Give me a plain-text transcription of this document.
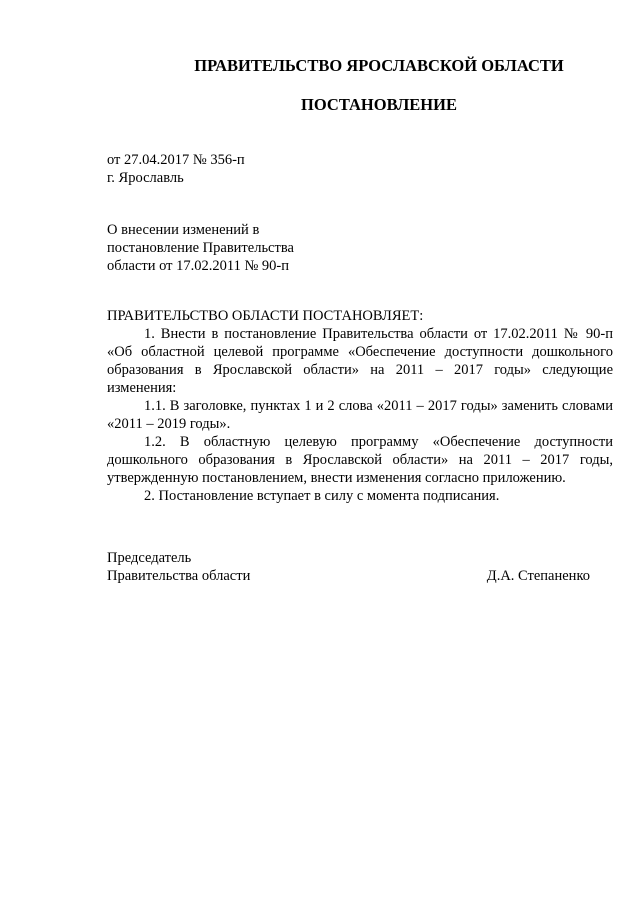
ПРАВИТЕЛЬСТВО ЯРОСЛАВСКОЙ ОБЛАСТИ
ПОСТАНОВЛЕНИЕ
от 27.04.2017 № 356-п
г. Ярославль
О внесении изменений в
постановление Правительства
области от 17.02.2011 № 90-п
ПРАВИТЕЛЬСТВО ОБЛАСТИ ПОСТАНОВЛЯЕТ:

1. Внести в постановление Правительства области от 17.02.2011 № 90-п «Об областной целевой программе «Обеспечение доступности дошкольного образования в Ярославской области» на 2011 – 2017 годы» следующие изменения:

1.1. В заголовке, пунктах 1 и 2 слова «2011 – 2017 годы» заменить словами «2011 – 2019 годы».

1.2. В областную целевую программу «Обеспечение доступности дошкольного образования в Ярославской области» на 2011 – 2017 годы, утвержденную постановлением, внести изменения согласно приложению.

2. Постановление вступает в силу с момента подписания.

Председатель
Правительства области	Д.А. Степаненко
